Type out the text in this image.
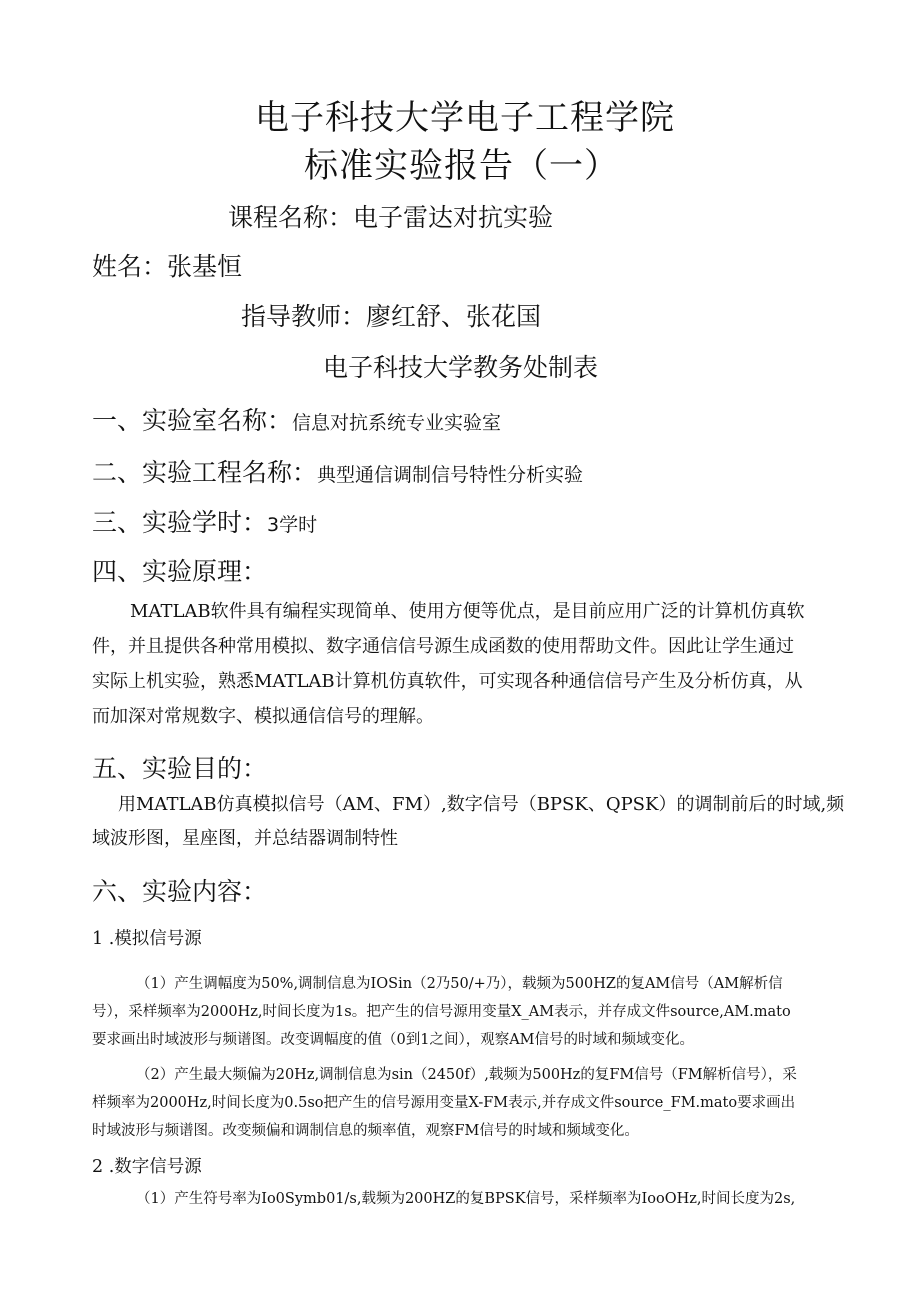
电子科技大学电子工程学院
标准实验报告（一）
课程名称：电子雷达对抗实验
姓名：张基恒
指导教师：廖红舒、张花国
电子科技大学教务处制表
一、实验室名称：信息对抗系统专业实验室
二、实验工程名称：典型通信调制信号特性分析实验
三、实验学时：3学时
四、实验原理：
MATLAB软件具有编程实现简单、使用方便等优点，是目前应用广泛的计算机仿真软
件，并且提供各种常用模拟、数字通信信号源生成函数的使用帮助文件。因此让学生通过
实际上机实验，熟悉MATLAB计算机仿真软件，可实现各种通信信号产生及分析仿真，从
而加深对常规数字、模拟通信信号的理解。
五、实验目的：
用MATLAB仿真模拟信号（AM、FM）,数字信号（BPSK、QPSK）的调制前后的时域,频
域波形图，星座图，并总结器调制特性
六、实验内容：
1 .模拟信号源
（1）产生调幅度为50%,调制信息为IOSin（2乃50/+乃），载频为500HZ的复AM信号（AM解析信
号），采样频率为2000Hz,时间长度为1s。把产生的信号源用变量X_AM表示，并存成文件source,AM.mato
要求画出时域波形与频谱图。改变调幅度的值（0到1之间），观察AM信号的时域和频域变化。
（2）产生最大频偏为20Hz,调制信息为sin（2450f）,载频为500Hz的复FM信号（FM解析信号），采
样频率为2000Hz,时间长度为0.5so把产生的信号源用变量X-FM表示,并存成文件source_FM.mato要求画出
时域波形与频谱图。改变频偏和调制信息的频率值，观察FM信号的时域和频域变化。
2 .数字信号源
（1）产生符号率为Io0Symb01/s,载频为200HZ的复BPSK信号，采样频率为IooOHz,时间长度为2s,
